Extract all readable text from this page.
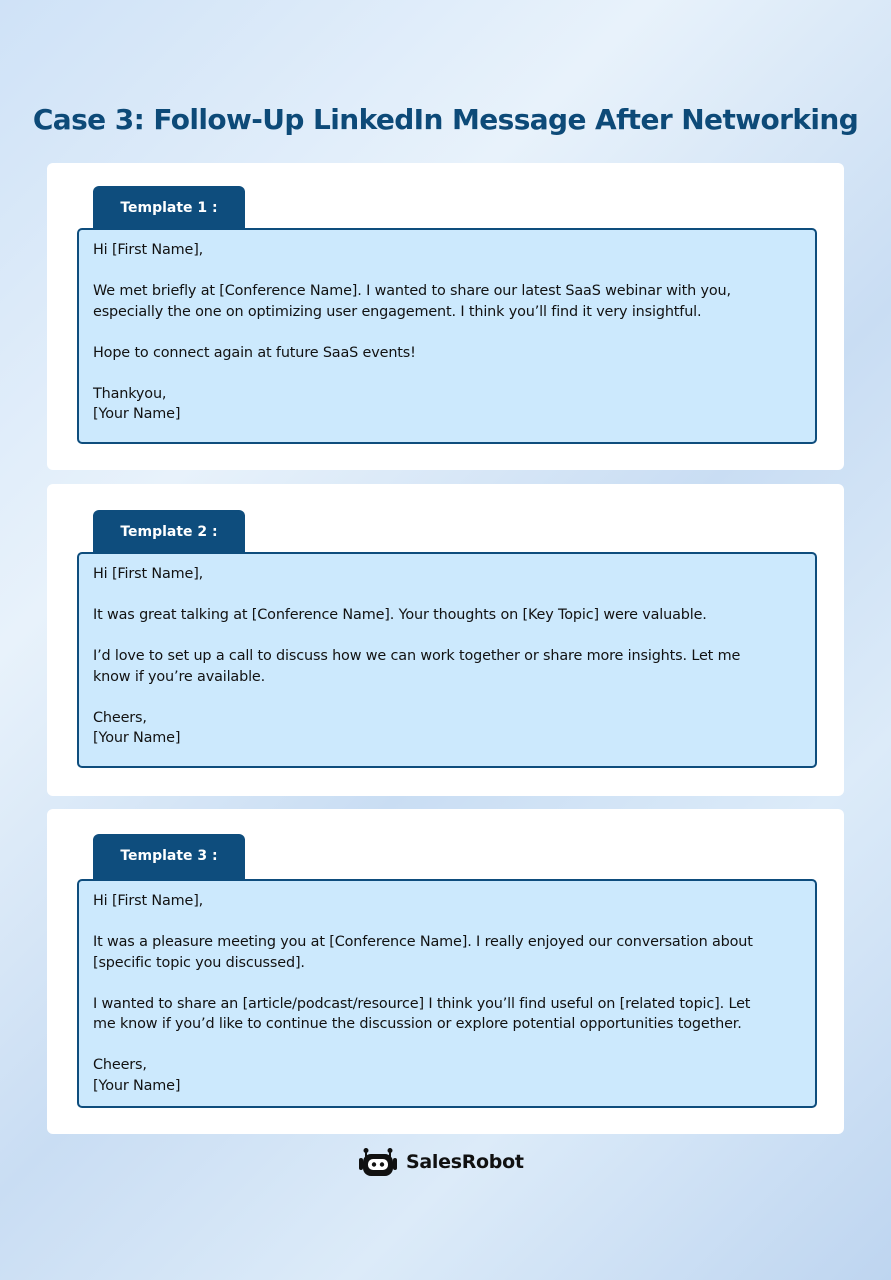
Case 3: Follow-Up LinkedIn Message After Networking
Template 1 :

Hi [First Name],

We met briefly at [Conference Name]. I wanted to share our latest SaaS webinar with you,
especially the one on optimizing user engagement. I think you’ll find it very insightful.

Hope to connect again at future SaaS events!

Thankyou,
[Your Name]

Template 2 :

Hi [First Name],

It was great talking at [Conference Name]. Your thoughts on [Key Topic] were valuable.

I’d love to set up a call to discuss how we can work together or share more insights. Let me
know if you’re available.

Cheers,
[Your Name]

Template 3 :

Hi [First Name],

It was a pleasure meeting you at [Conference Name]. I really enjoyed our conversation about
[specific topic you discussed].

I wanted to share an [article/podcast/resource] I think you’ll find useful on [related topic]. Let
me know if you’d like to continue the discussion or explore potential opportunities together.

Cheers,
[Your Name]

SalesRobot
